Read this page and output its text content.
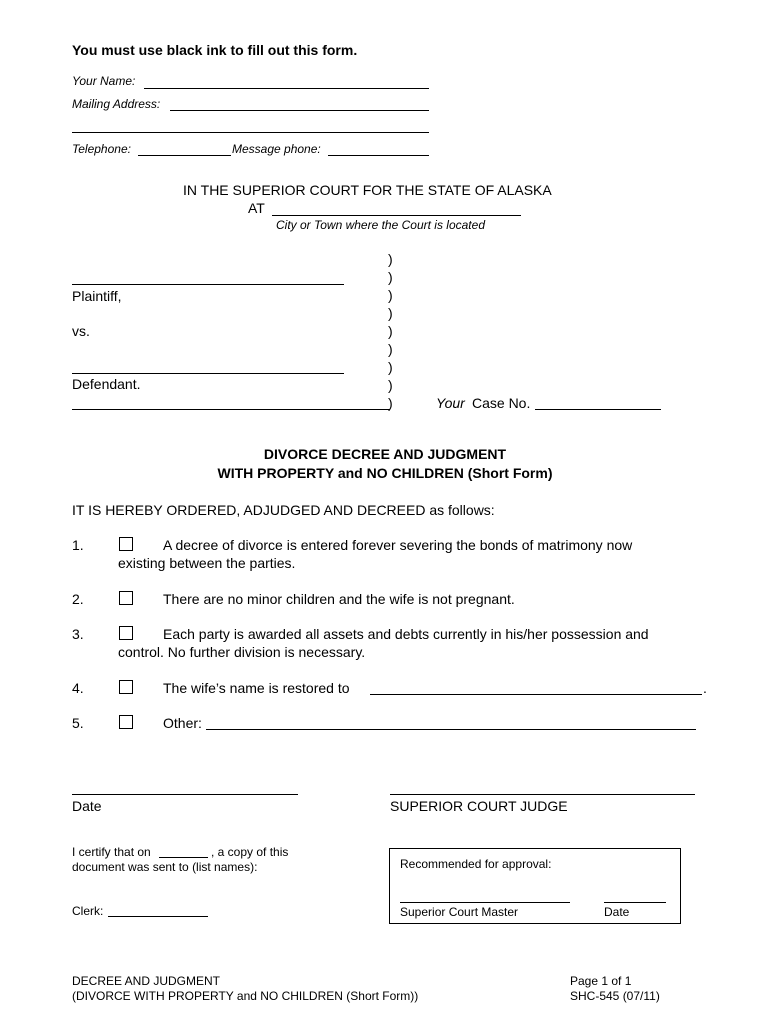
You must use black ink to fill out this form.
Your Name:
Mailing Address:
Telephone:	Message phone:
IN THE SUPERIOR COURT FOR THE STATE OF ALASKA
AT
City or Town where the Court is located
Plaintiff,
vs.
Defendant.
)
)
)
)
)
)
)
)
)	Your Case No.
DIVORCE DECREE AND JUDGMENT
WITH PROPERTY and NO CHILDREN (Short Form)
IT IS HEREBY ORDERED, ADJUDGED AND DECREED as follows:
1.	A decree of divorce is entered forever severing the bonds of matrimony now
existing between the parties.
2.	There are no minor children and the wife is not pregnant.
3.	Each party is awarded all assets and debts currently in his/her possession and
control. No further division is necessary.
4.	The wife’s name is restored to	.
5.	Other:
Date	SUPERIOR COURT JUDGE
I certify that on	, a copy of this
document was sent to (list names):
Clerk:
Recommended for approval:
Superior Court Master	Date
DECREE AND JUDGMENT
(DIVORCE WITH PROPERTY and NO CHILDREN (Short Form))
Page 1 of 1
SHC-545 (07/11)
